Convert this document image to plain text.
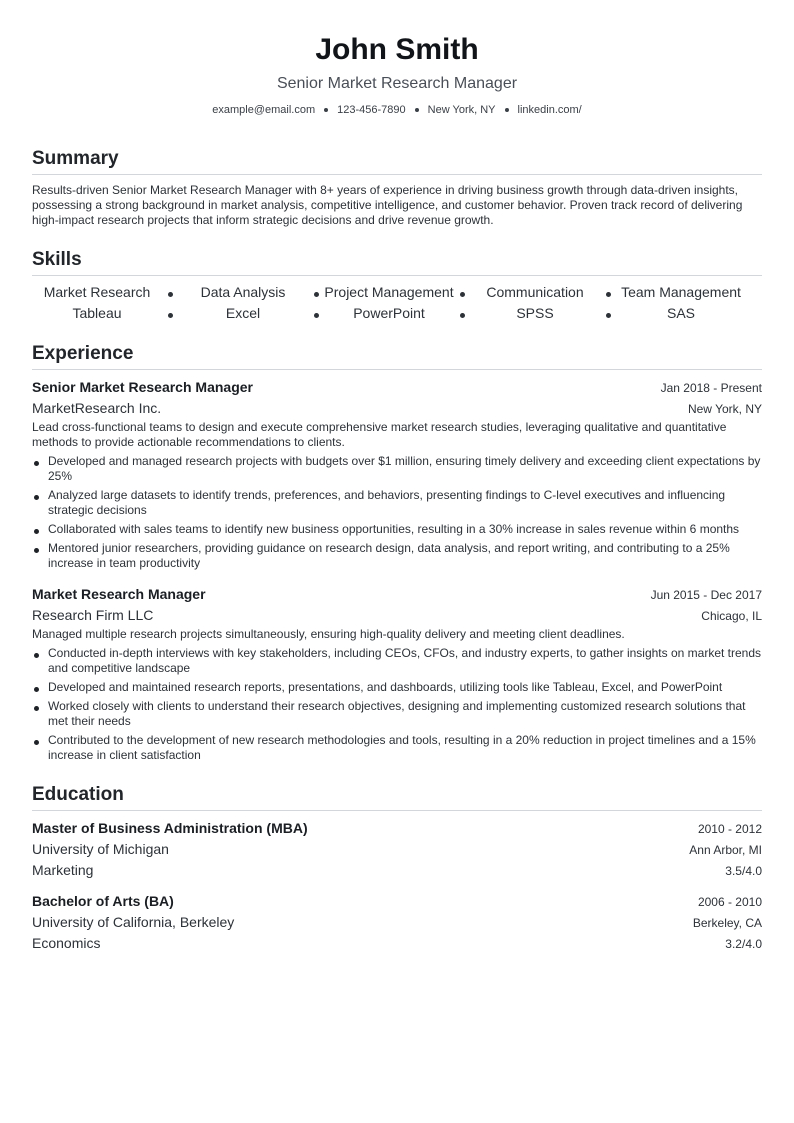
John Smith
Senior Market Research Manager
example@email.com 123-456-7890 New York, NY linkedin.com/
Summary

Results-driven Senior Market Research Manager with 8+ years of experience in driving business growth through data-driven insights, possessing a strong background in market analysis, competitive intelligence, and customer behavior. Proven track record of delivering high-impact research projects that inform strategic decisions and drive revenue growth.

Skills
Market Research	Data Analysis	Project Management	Communication	Team Management
Tableau	Excel	PowerPoint	SPSS	SAS
Experience
Senior Market Research Manager	Jan 2018 - Present
MarketResearch Inc.	New York, NY

Lead cross-functional teams to design and execute comprehensive market research studies, leveraging qualitative and quantitative methods to provide actionable recommendations to clients.

Developed and managed research projects with budgets over $1 million, ensuring timely delivery and exceeding client expectations by 25%
Analyzed large datasets to identify trends, preferences, and behaviors, presenting findings to C-level executives and influencing strategic decisions
Collaborated with sales teams to identify new business opportunities, resulting in a 30% increase in sales revenue within 6 months
Mentored junior researchers, providing guidance on research design, data analysis, and report writing, and contributing to a 25% increase in team productivity
Market Research Manager	Jun 2015 - Dec 2017
Research Firm LLC	Chicago, IL

Managed multiple research projects simultaneously, ensuring high-quality delivery and meeting client deadlines.

Conducted in-depth interviews with key stakeholders, including CEOs, CFOs, and industry experts, to gather insights on market trends and competitive landscape
Developed and maintained research reports, presentations, and dashboards, utilizing tools like Tableau, Excel, and PowerPoint
Worked closely with clients to understand their research objectives, designing and implementing customized research solutions that met their needs
Contributed to the development of new research methodologies and tools, resulting in a 20% reduction in project timelines and a 15% increase in client satisfaction
Education
Master of Business Administration (MBA)	2010 - 2012
University of Michigan	Ann Arbor, MI
Marketing	3.5/4.0
Bachelor of Arts (BA)	2006 - 2010
University of California, Berkeley	Berkeley, CA
Economics	3.2/4.0
